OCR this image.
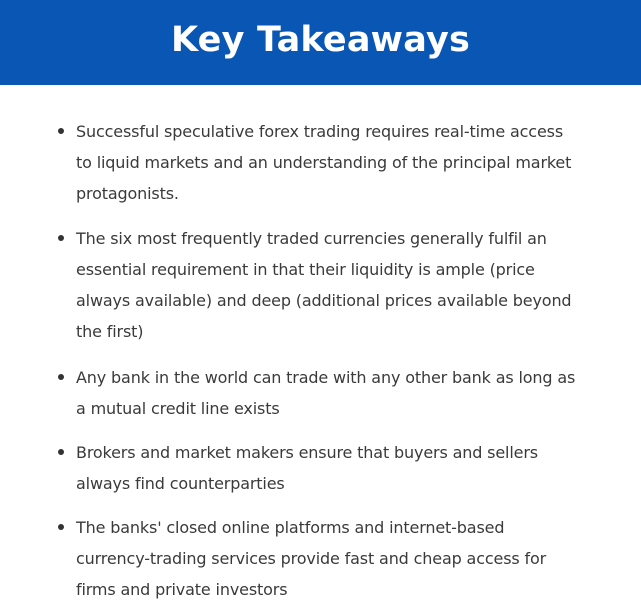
Key Takeaways
Successful speculative forex trading requires real-time access
to liquid markets and an understanding of the principal market
protagonists.
The six most frequently traded currencies generally fulfil an
essential requirement in that their liquidity is ample (price
always available) and deep (additional prices available beyond
the first)
Any bank in the world can trade with any other bank as long as
a mutual credit line exists
Brokers and market makers ensure that buyers and sellers
always find counterparties
The banks' closed online platforms and internet-based
currency-trading services provide fast and cheap access for
firms and private investors
